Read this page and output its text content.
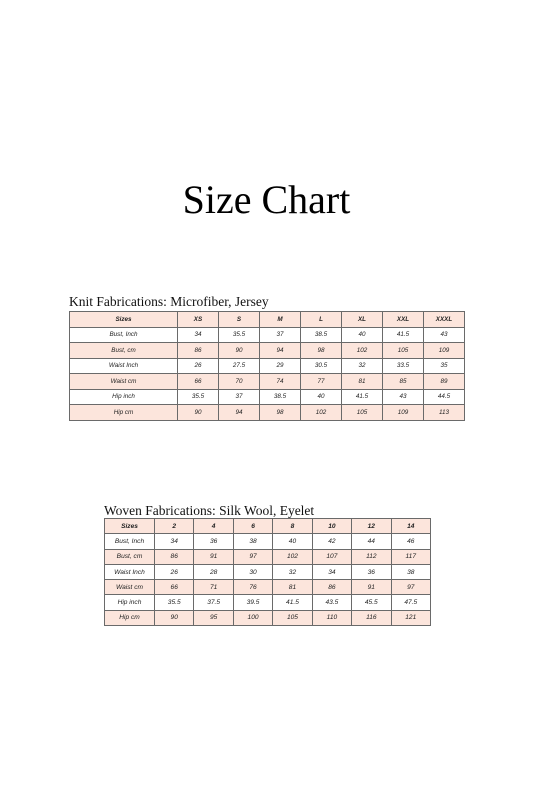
Size Chart
Knit Fabrications: Microfiber, Jersey
Sizes	XS	S	M	L	XL	XXL	XXXL
Bust, Inch	34	35.5	37	38.5	40	41.5	43
Bust, cm	86	90	94	98	102	105	109
Waist Inch	26	27.5	29	30.5	32	33.5	35
Waist cm	66	70	74	77	81	85	89
Hip inch	35.5	37	38.5	40	41.5	43	44.5
Hip cm	90	94	98	102	105	109	113
Woven Fabrications: Silk Wool, Eyelet
Sizes	2	4	6	8	10	12	14
Bust, Inch	34	36	38	40	42	44	46
Bust, cm	86	91	97	102	107	112	117
Waist Inch	26	28	30	32	34	36	38
Waist cm	66	71	76	81	86	91	97
Hip inch	35.5	37.5	39.5	41.5	43.5	45.5	47.5
Hip cm	90	95	100	105	110	116	121
